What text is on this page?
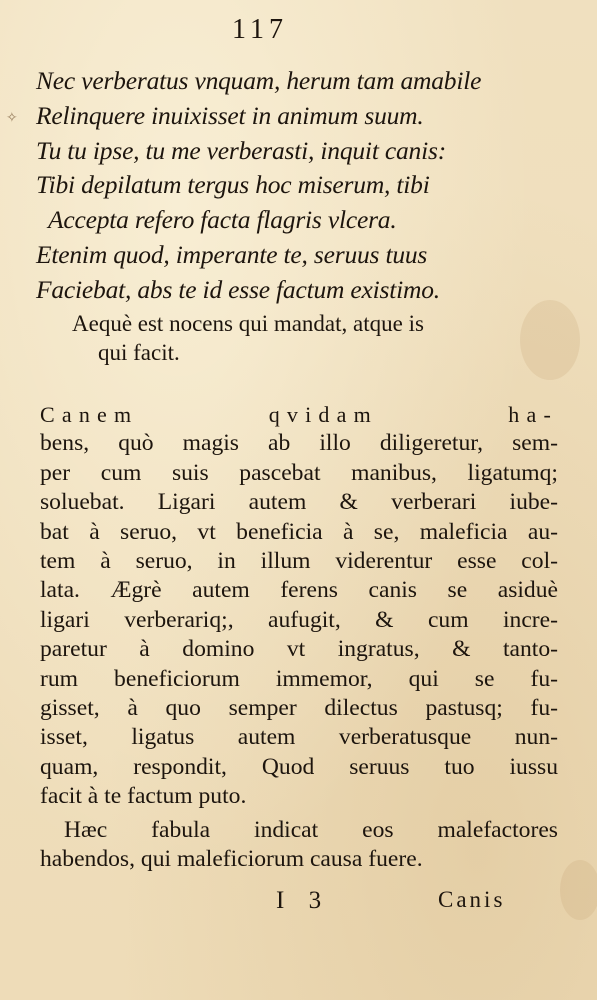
117
✧
Nec verberatus vnquam, herum tam amabile
Relinquere inuixisset in animum suum.
Tu tu ipse, tu me verberasti, inquit canis:
Tibi depilatum tergus hoc miserum, tibi
Accepta refero facta flagris vlcera.
Etenim quod, imperante te, seruus tuus
Faciebat, abs te id esse factum existimo.
Aequè est nocens qui mandat, atque is
qui facit.
Canem qvidam ha-
bens, quò magis ab illo diligeretur, sem-
per cum suis pascebat manibus, ligatumq;
soluebat. Ligari autem & verberari iube-
bat à seruo, vt beneficia à se, maleficia au-
tem à seruo, in illum viderentur esse col-
lata. Ægrè autem ferens canis se asiduè
ligari verberariq;, aufugit, & cum incre-
paretur à domino vt ingratus, & tanto-
rum beneficiorum immemor, qui se fu-
gisset, à quo semper dilectus pastusq; fu-
isset, ligatus autem verberatusque nun-
quam, respondit, Quod seruus tuo iussu
facit à te factum puto.
Hæc fabula indicat eos malefactores
habendos, qui maleficiorum causa fuere.
I 3	Canis
